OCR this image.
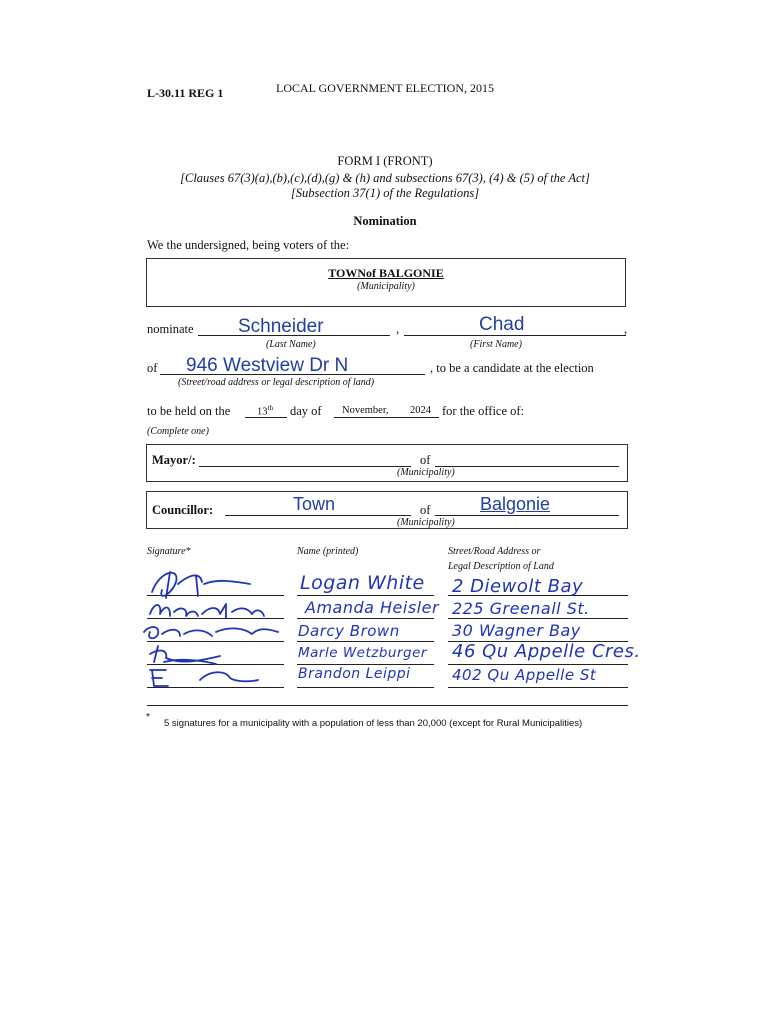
L-30.11 REG 1	LOCAL GOVERNMENT ELECTION, 2015
FORM I (FRONT)
[Clauses 67(3)(a),(b),(c),(d),(g) & (h) and subsections 67(3), (4) & (5) of the Act]
[Subsection 37(1) of the Regulations]
Nomination
We the undersigned, being voters of the:
TOWNof BALGONIE
(Municipality)
nominate Schneider
(Last Name)
,	Chad	,
(First Name)
of 946 Westview Dr N	, to be a candidate at the election
(Street/road address or legal description of land)
to be held on the	13th day of November, 2024 for the office of:
(Complete one)
Mayor/:	of
(Municipality)
Councillor:	Town	of	Balgonie
(Municipality)
Signature*	Name (printed)	Street/Road Address or
Legal Description of Land
Logan White 2 Diewolt Bay
Amanda Heisler 225 Greenall St.
Darcy Brown	30 Wagner Bay
Marle Wetzburger 46 Qu Appelle Cres.
Brandon Leippi	402 Qu Appelle St
*
5 signatures for a municipality with a population of less than 20,000 (except for Rural Municipalities)
